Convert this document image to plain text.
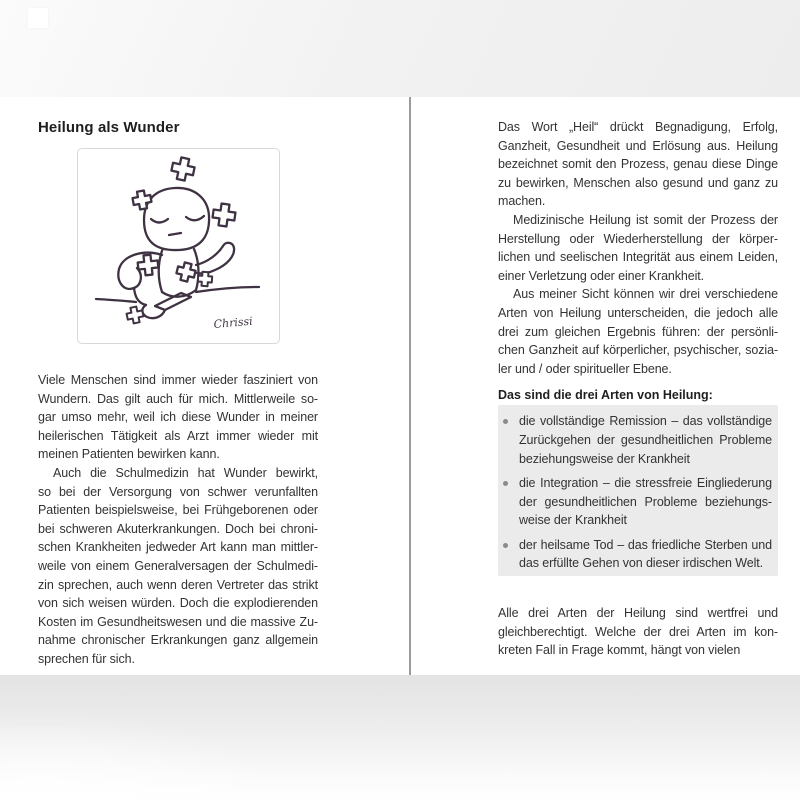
Heilung als Wunder
Chrissi
Viele Menschen sind immer wieder fasziniert von
Wundern. Das gilt auch für mich. Mittlerweile so-
gar umso mehr, weil ich diese Wunder in meiner
heilerischen Tätigkeit als Arzt immer wieder mit
meinen Patienten bewirken kann.
Auch die Schulmedizin hat Wunder bewirkt,
so bei der Versorgung von schwer verunfallten
Patienten beispielsweise, bei Frühgeborenen oder
bei schweren Akuterkrankungen. Doch bei chroni-
schen Krankheiten jedweder Art kann man mittler-
weile von einem Generalversagen der Schulmedi-
zin sprechen, auch wenn deren Vertreter das strikt
von sich weisen würden. Doch die explodierenden
Kosten im Gesundheitswesen und die massive Zu-
nahme chronischer Erkrankungen ganz allgemein
sprechen für sich.
Das Wort „Heil“ drückt Begnadigung, Erfolg,
Ganzheit, Gesundheit und Erlösung aus. Heilung
bezeichnet somit den Prozess, genau diese Dinge
zu bewirken, Menschen also gesund und ganz zu
machen.
Medizinische Heilung ist somit der Prozess der
Herstellung oder Wiederherstellung der körper-
lichen und seelischen Integrität aus einem Leiden,
einer Verletzung oder einer Krankheit.
Aus meiner Sicht können wir drei verschiedene
Arten von Heilung unterscheiden, die jedoch alle
drei zum gleichen Ergebnis führen: der persönli-
chen Ganzheit auf körperlicher, psychischer, sozia-
ler und / oder spiritueller Ebene.
Das sind die drei Arten von Heilung:
die vollständige Remission – das vollständige
Zurückgehen der gesundheitlichen Probleme
beziehungsweise der Krankheit
die Integration – die stressfreie Eingliederung
der gesundheitlichen Probleme beziehungs-
weise der Krankheit
der heilsame Tod – das friedliche Sterben und
das erfüllte Gehen von dieser irdischen Welt.
Alle drei Arten der Heilung sind wertfrei und
gleichberechtigt. Welche der drei Arten im kon-
kreten Fall in Frage kommt, hängt von vielen
